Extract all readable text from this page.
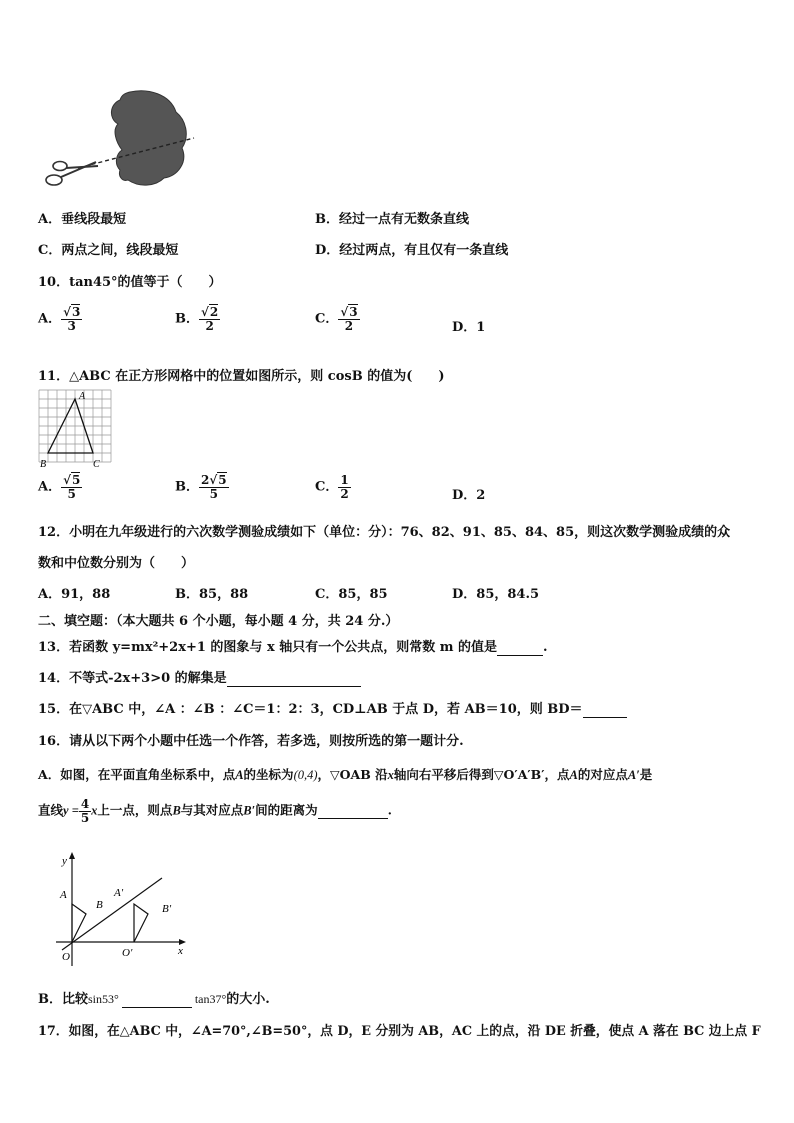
A．垂线段最短	B．经过一点有无数条直线
C．两点之间，线段最短	D．经过两点，有且仅有一条直线
10．tan45°的值等于（　　）
A． $\frac{√3}{3}$	B． $\frac{√2}{2}$	C． $\frac{√3}{2}$	D．1
11．△ABC 在正方形网格中的位置如图所示，则 cosB 的值为(　　)
A
B	C
A． $\frac{√5}{5}$	B． $\frac{2√5}{5}$	C． $\frac{1}{2}$	D．2
12．小明在九年级进行的六次数学测验成绩如下（单位：分）：76、82、91、85、84、85，则这次数学测验成绩的众
数和中位数分别为（　　）
A．91，88	B．85，88	C．85，85	D．85，84.5
二、填空题：（本大题共 6 个小题，每小题 4 分，共 24 分.）
13．若函数 y=mx²+2x+1 的图象与 x 轴只有一个公共点，则常数 m 的值是	.
14．不等式-2x+3>0 的解集是
15．在▽ABC 中，∠A ：∠B ：∠C＝1：2：3，CD⊥AB 于点 D，若 AB＝10，则 BD＝
16．请从以下两个小题中任选一个作答，若多选，则按所选的第一题计分.
A．如图，在平面直角坐标系中，点A的坐标为(0,4)，▽OAB 沿x轴向右平移后得到▽O′A′B′，点A的对应点A′是
直线$y = \frac{4}{5}$ x上一点，则点B与其对应点B′间的距离为	.
y
x
O
A
B
A′
B′
O′
B．比较sin53°	tan37°的大小.
17．如图，在△ABC 中，∠A=70°,∠B=50°，点 D，E 分别为 AB，AC 上的点，沿 DE 折叠，使点 A 落在 BC 边上点 F
